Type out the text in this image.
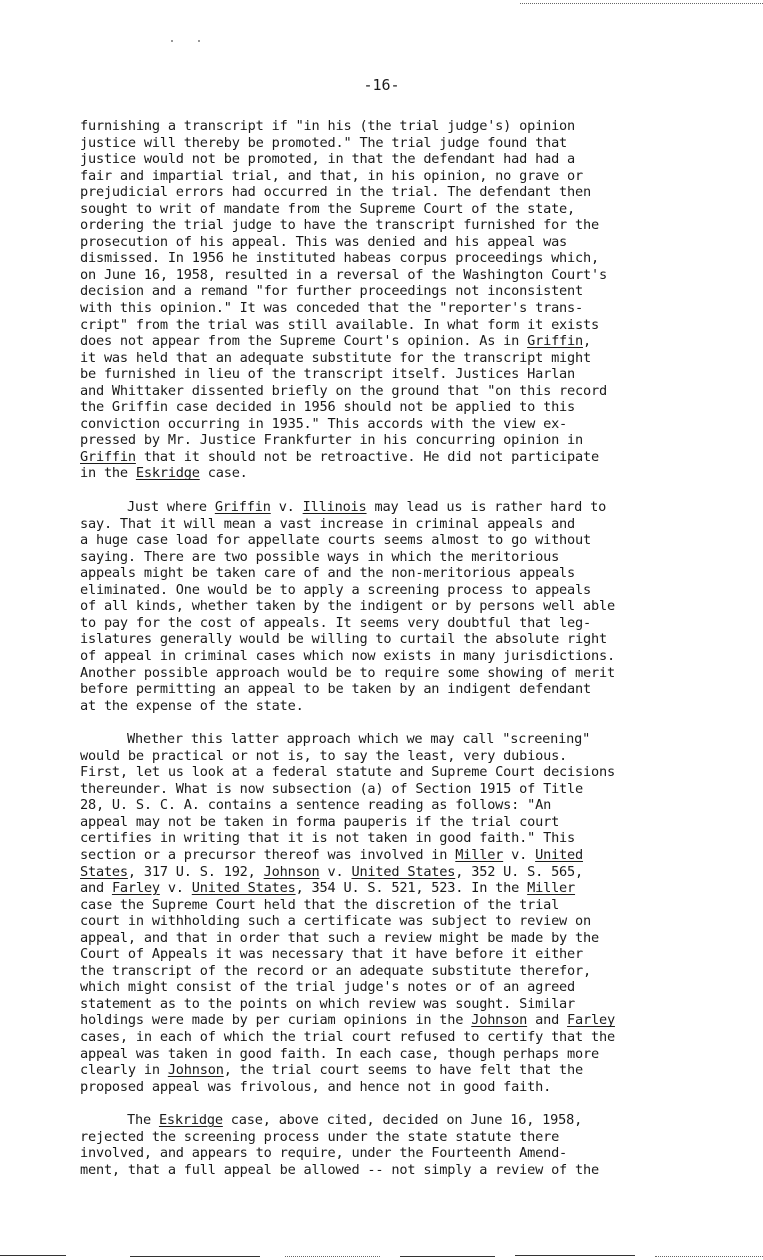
-16-
furnishing a transcript if "in his (the trial judge's) opinion
justice will thereby be promoted." The trial judge found that
justice would not be promoted, in that the defendant had had a
fair and impartial trial, and that, in his opinion, no grave or
prejudicial errors had occurred in the trial. The defendant then
sought to writ of mandate from the Supreme Court of the state,
ordering the trial judge to have the transcript furnished for the
prosecution of his appeal. This was denied and his appeal was
dismissed. In 1956 he instituted habeas corpus proceedings which,
on June 16, 1958, resulted in a reversal of the Washington Court's
decision and a remand "for further proceedings not inconsistent
with this opinion." It was conceded that the "reporter's trans-
cript" from the trial was still available. In what form it exists
does not appear from the Supreme Court's opinion. As in Griffin,
it was held that an adequate substitute for the transcript might
be furnished in lieu of the transcript itself. Justices Harlan
and Whittaker dissented briefly on the ground that "on this record
the Griffin case decided in 1956 should not be applied to this
conviction occurring in 1935." This accords with the view ex-
pressed by Mr. Justice Frankfurter in his concurring opinion in
Griffin that it should not be retroactive. He did not participate
in the Eskridge case.
Just where Griffin v. Illinois may lead us is rather hard to
say. That it will mean a vast increase in criminal appeals and
a huge case load for appellate courts seems almost to go without
saying. There are two possible ways in which the meritorious
appeals might be taken care of and the non-meritorious appeals
eliminated. One would be to apply a screening process to appeals
of all kinds, whether taken by the indigent or by persons well able
to pay for the cost of appeals. It seems very doubtful that leg-
islatures generally would be willing to curtail the absolute right
of appeal in criminal cases which now exists in many jurisdictions.
Another possible approach would be to require some showing of merit
before permitting an appeal to be taken by an indigent defendant
at the expense of the state.
Whether this latter approach which we may call "screening"
would be practical or not is, to say the least, very dubious.
First, let us look at a federal statute and Supreme Court decisions
thereunder. What is now subsection (a) of Section 1915 of Title
28, U. S. C. A. contains a sentence reading as follows: "An
appeal may not be taken in forma pauperis if the trial court
certifies in writing that it is not taken in good faith." This
section or a precursor thereof was involved in Miller v. United
States, 317 U. S. 192, Johnson v. United States, 352 U. S. 565,
and Farley v. United States, 354 U. S. 521, 523. In the Miller
case the Supreme Court held that the discretion of the trial
court in withholding such a certificate was subject to review on
appeal, and that in order that such a review might be made by the
Court of Appeals it was necessary that it have before it either
the transcript of the record or an adequate substitute therefor,
which might consist of the trial judge's notes or of an agreed
statement as to the points on which review was sought. Similar
holdings were made by per curiam opinions in the Johnson and Farley
cases, in each of which the trial court refused to certify that the
appeal was taken in good faith. In each case, though perhaps more
clearly in Johnson, the trial court seems to have felt that the
proposed appeal was frivolous, and hence not in good faith.
The Eskridge case, above cited, decided on June 16, 1958,
rejected the screening process under the state statute there
involved, and appears to require, under the Fourteenth Amend-
ment, that a full appeal be allowed -- not simply a review of the
